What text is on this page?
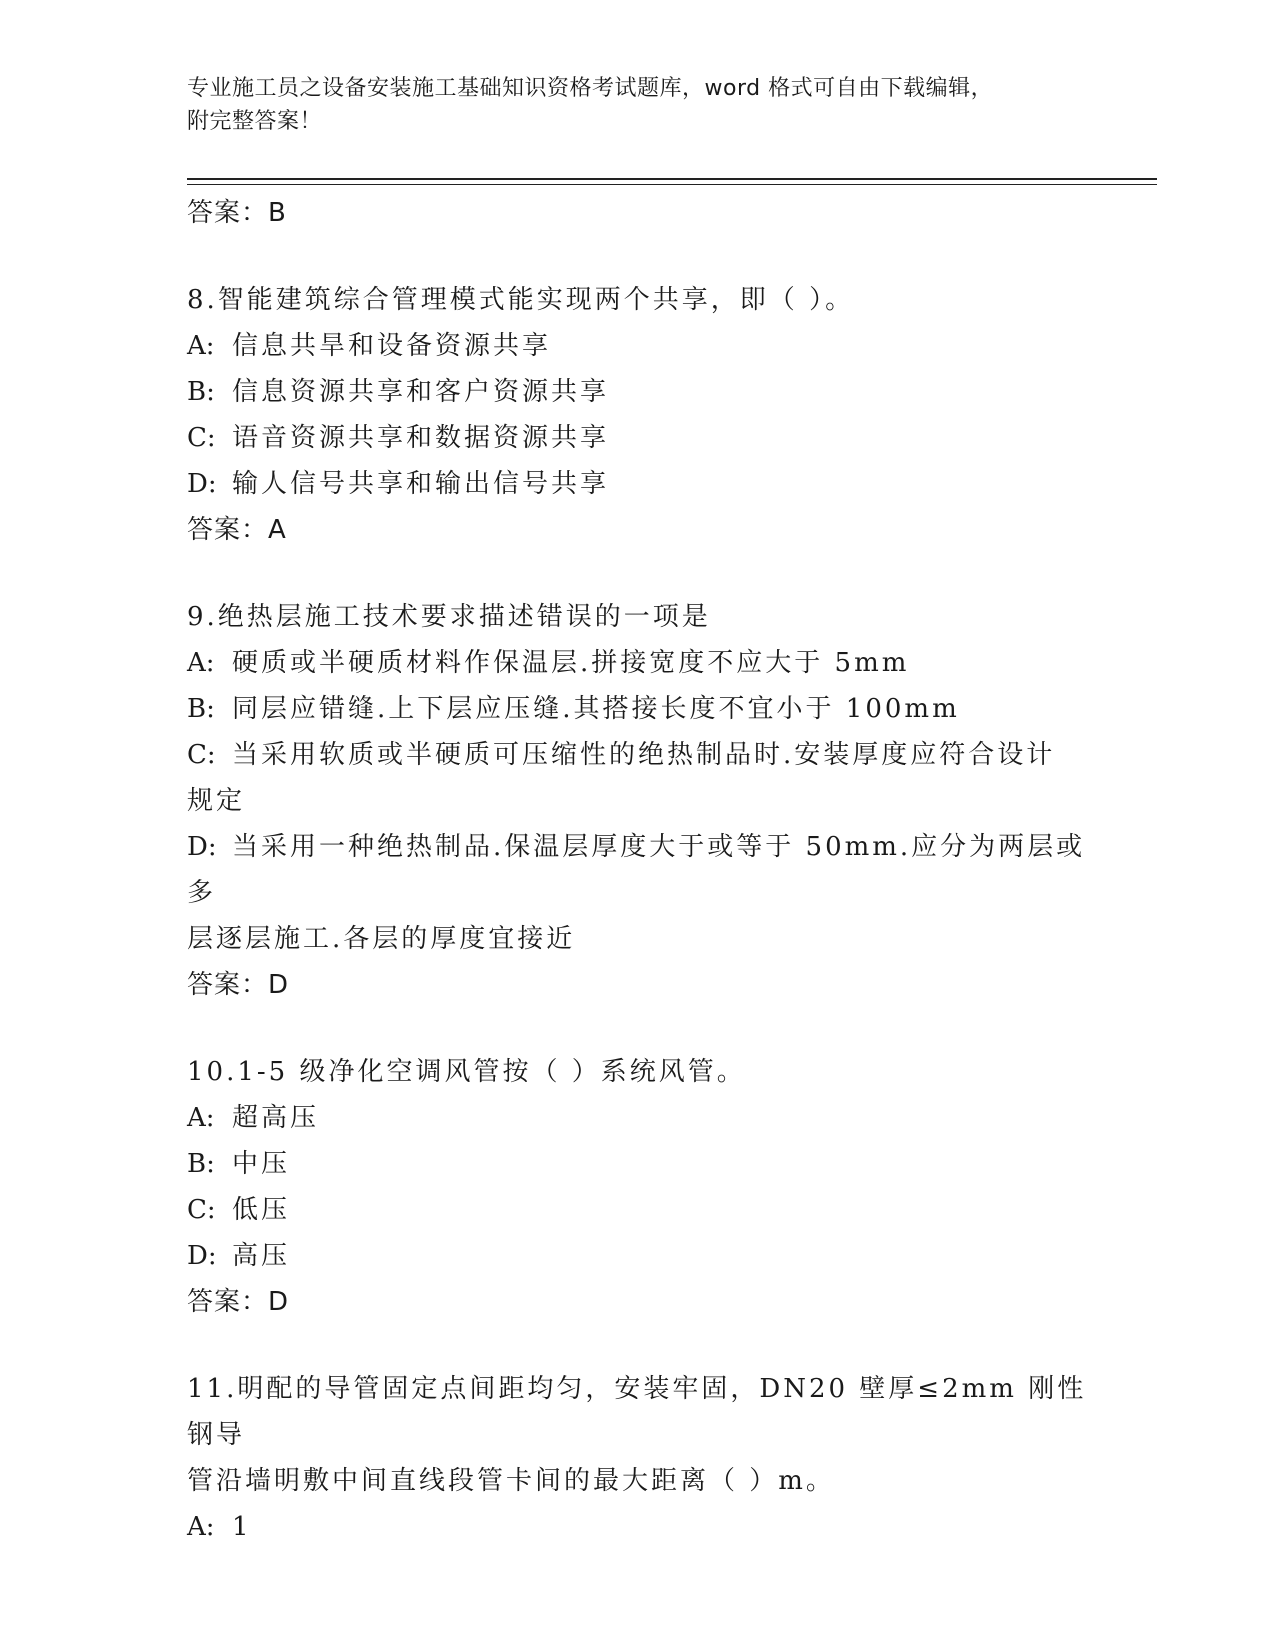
专业施工员之设备安装施工基础知识资格考试题库，word 格式可自由下载编辑，
附完整答案！
答案：B
8.智能建筑综合管理模式能实现两个共享，即（ ）。
A: 信息共旱和设备资源共享
B: 信息资源共享和客户资源共享
C: 语音资源共享和数据资源共享
D: 输人信号共享和输出信号共享
答案：A
9.绝热层施工技术要求描述错误的一项是
A: 硬质或半硬质材料作保温层.拼接宽度不应大于 5mm
B: 同层应错缝.上下层应压缝.其搭接长度不宜小于 100mm
C: 当采用软质或半硬质可压缩性的绝热制品时.安装厚度应符合设计
规定
D: 当采用一种绝热制品.保温层厚度大于或等于 50mm.应分为两层或多
层逐层施工.各层的厚度宜接近
答案：D
10.1-5 级净化空调风管按（ ）系统风管。
A: 超高压
B: 中压
C: 低压
D: 高压
答案：D
11.明配的导管固定点间距均匀，安装牢固，DN20 壁厚≤2mm 刚性钢导
管沿墙明敷中间直线段管卡间的最大距离（ ）m。
A: 1
